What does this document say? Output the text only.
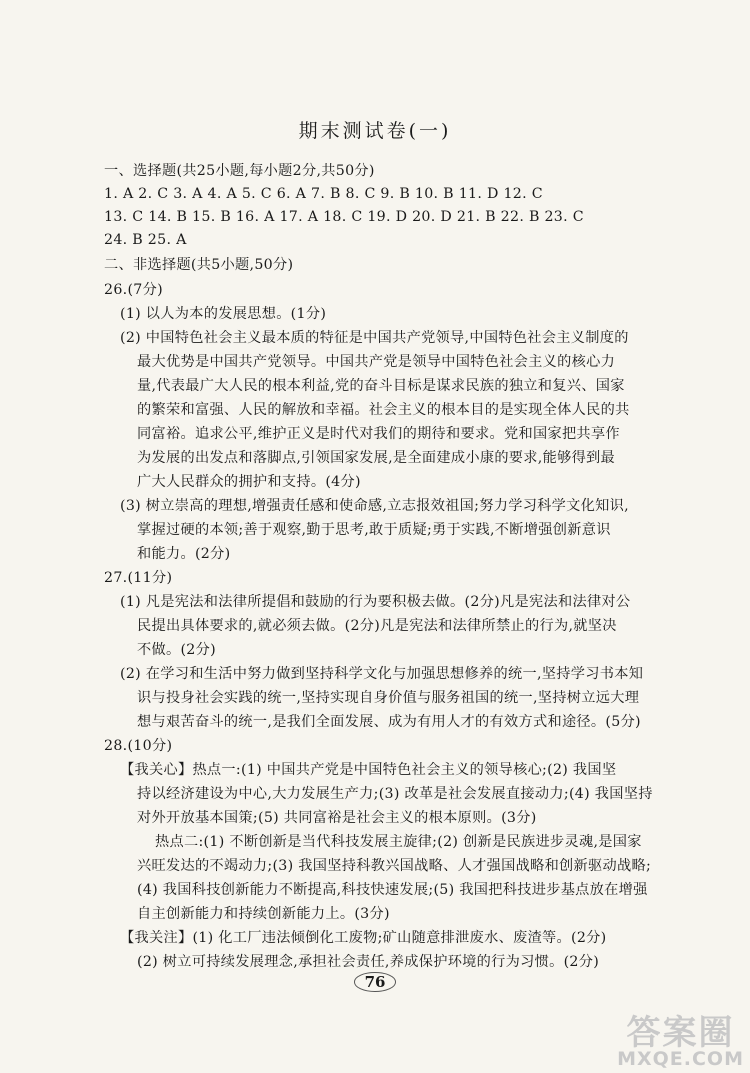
期末测试卷(一)
一、选择题(共25小题,每小题2分,共50分)
1. A 2. C 3. A 4. A 5. C 6. A 7. B 8. C 9. B 10. B 11. D 12. C
13. C 14. B 15. B 16. A 17. A 18. C 19. D 20. D 21. B 22. B 23. C
24. B 25. A
二、非选择题(共5小题,50分)
26.(7分)
(1) 以人为本的发展思想。(1分)
(2) 中国特色社会主义最本质的特征是中国共产党领导,中国特色社会主义制度的
最大优势是中国共产党领导。中国共产党是领导中国特色社会主义的核心力
量,代表最广大人民的根本利益,党的奋斗目标是谋求民族的独立和复兴、国家
的繁荣和富强、人民的解放和幸福。社会主义的根本目的是实现全体人民的共
同富裕。追求公平,维护正义是时代对我们的期待和要求。党和国家把共享作
为发展的出发点和落脚点,引领国家发展,是全面建成小康的要求,能够得到最
广大人民群众的拥护和支持。(4分)
(3) 树立崇高的理想,增强责任感和使命感,立志报效祖国;努力学习科学文化知识,
掌握过硬的本领;善于观察,勤于思考,敢于质疑;勇于实践,不断增强创新意识
和能力。(2分)
27.(11分)
(1) 凡是宪法和法律所提倡和鼓励的行为要积极去做。(2分)凡是宪法和法律对公
民提出具体要求的,就必须去做。(2分)凡是宪法和法律所禁止的行为,就坚决
不做。(2分)
(2) 在学习和生活中努力做到坚持科学文化与加强思想修养的统一,坚持学习书本知
识与投身社会实践的统一,坚持实现自身价值与服务祖国的统一,坚持树立远大理
想与艰苦奋斗的统一,是我们全面发展、成为有用人才的有效方式和途径。(5分)
28.(10分)
【我关心】热点一:(1) 中国共产党是中国特色社会主义的领导核心;(2) 我国坚
持以经济建设为中心,大力发展生产力;(3) 改革是社会发展直接动力;(4) 我国坚持
对外开放基本国策;(5) 共同富裕是社会主义的根本原则。(3分)
热点二:(1) 不断创新是当代科技发展主旋律;(2) 创新是民族进步灵魂,是国家
兴旺发达的不竭动力;(3) 我国坚持科教兴国战略、人才强国战略和创新驱动战略;
(4) 我国科技创新能力不断提高,科技快速发展;(5) 我国把科技进步基点放在增强
自主创新能力和持续创新能力上。(3分)
【我关注】(1) 化工厂违法倾倒化工废物;矿山随意排泄废水、废渣等。(2分)
(2) 树立可持续发展理念,承担社会责任,养成保护环境的行为习惯。(2分)
76
答案圈
MXQE.COM
